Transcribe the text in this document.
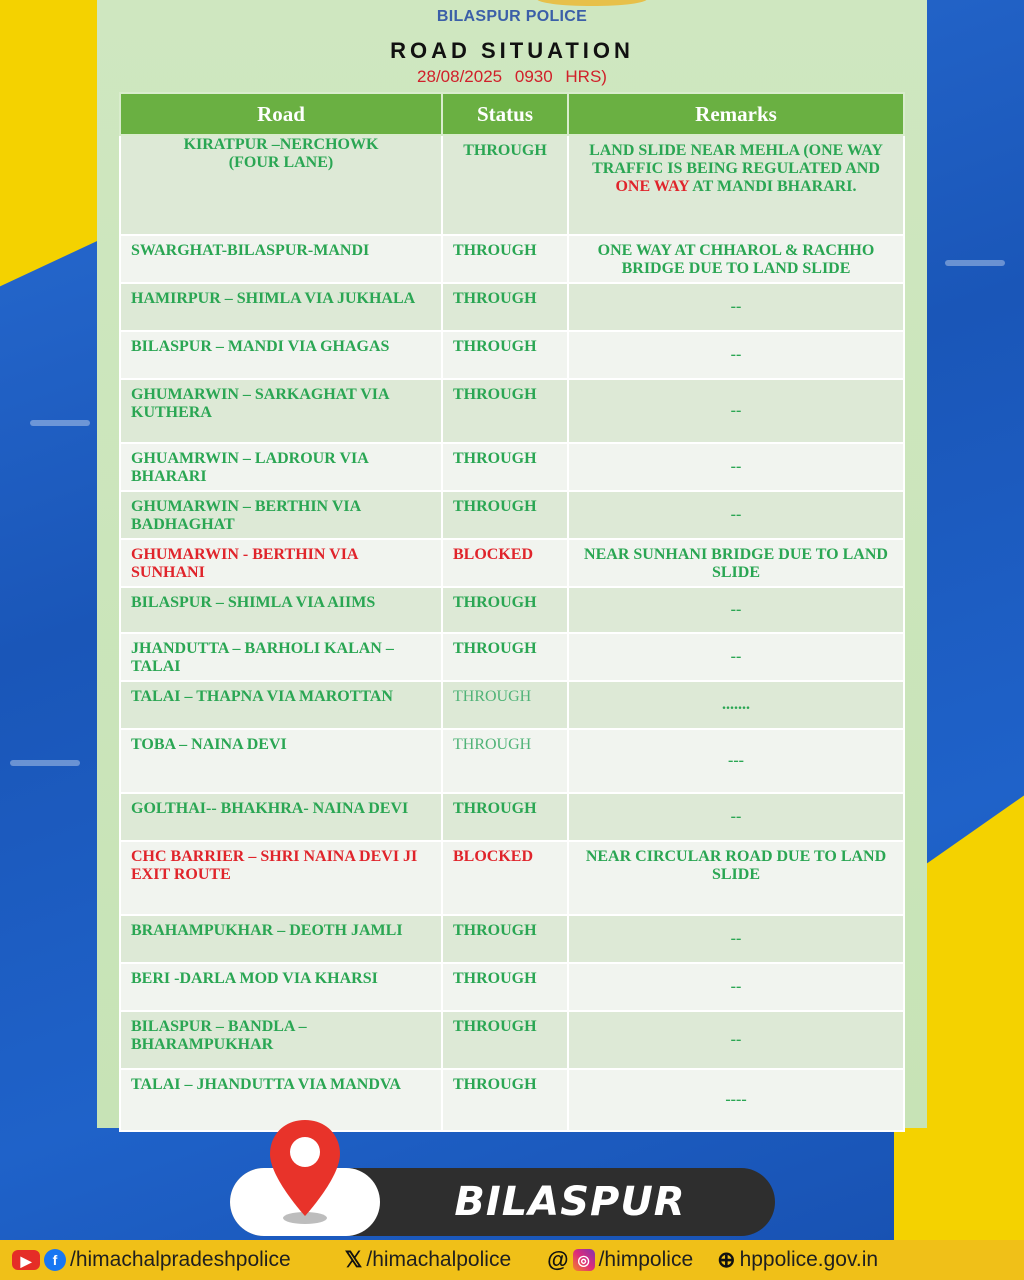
BILASPUR POLICE
ROAD SITUATION
28/08/2025 0930 HRS)
Road	Status	Remarks
KIRATPUR –NERCHOWK (FOUR LANE)	THROUGH	LAND SLIDE NEAR MEHLA (ONE WAY TRAFFIC IS BEING REGULATED AND ONE WAY AT MANDI BHARARI.
SWARGHAT-BILASPUR-MANDI	THROUGH	ONE WAY AT CHHAROL & RACHHO BRIDGE DUE TO LAND SLIDE
HAMIRPUR – SHIMLA VIA JUKHALA	THROUGH	--
BILASPUR – MANDI VIA GHAGAS	THROUGH	--
GHUMARWIN – SARKAGHAT VIA KUTHERA	THROUGH	--
GHUAMRWIN – LADROUR VIA BHARARI	THROUGH	--
GHUMARWIN – BERTHIN VIA BADHAGHAT	THROUGH	--
GHUMARWIN - BERTHIN VIA SUNHANI	BLOCKED	NEAR SUNHANI BRIDGE DUE TO LAND SLIDE
BILASPUR – SHIMLA VIA AIIMS	THROUGH	--
JHANDUTTA – BARHOLI KALAN – TALAI	THROUGH	--
TALAI – THAPNA VIA MAROTTAN	THROUGH	.......
TOBA – NAINA DEVI	THROUGH	---
GOLTHAI-- BHAKHRA- NAINA DEVI	THROUGH	--
CHC BARRIER – SHRI NAINA DEVI JI EXIT ROUTE	BLOCKED	NEAR CIRCULAR ROAD DUE TO LAND SLIDE
BRAHAMPUKHAR – DEOTH JAMLI	THROUGH	--
BERI -DARLA MOD VIA KHARSI	THROUGH	--
BILASPUR – BANDLA – BHARAMPUKHAR	THROUGH	--
TALAI – JHANDUTTA VIA MANDVA	THROUGH	----
BILASPUR
▶	f /himachalpradeshpolice 𝕏 /himachalpolice @ ◎ /himpolice ⊕ hppolice.gov.in
